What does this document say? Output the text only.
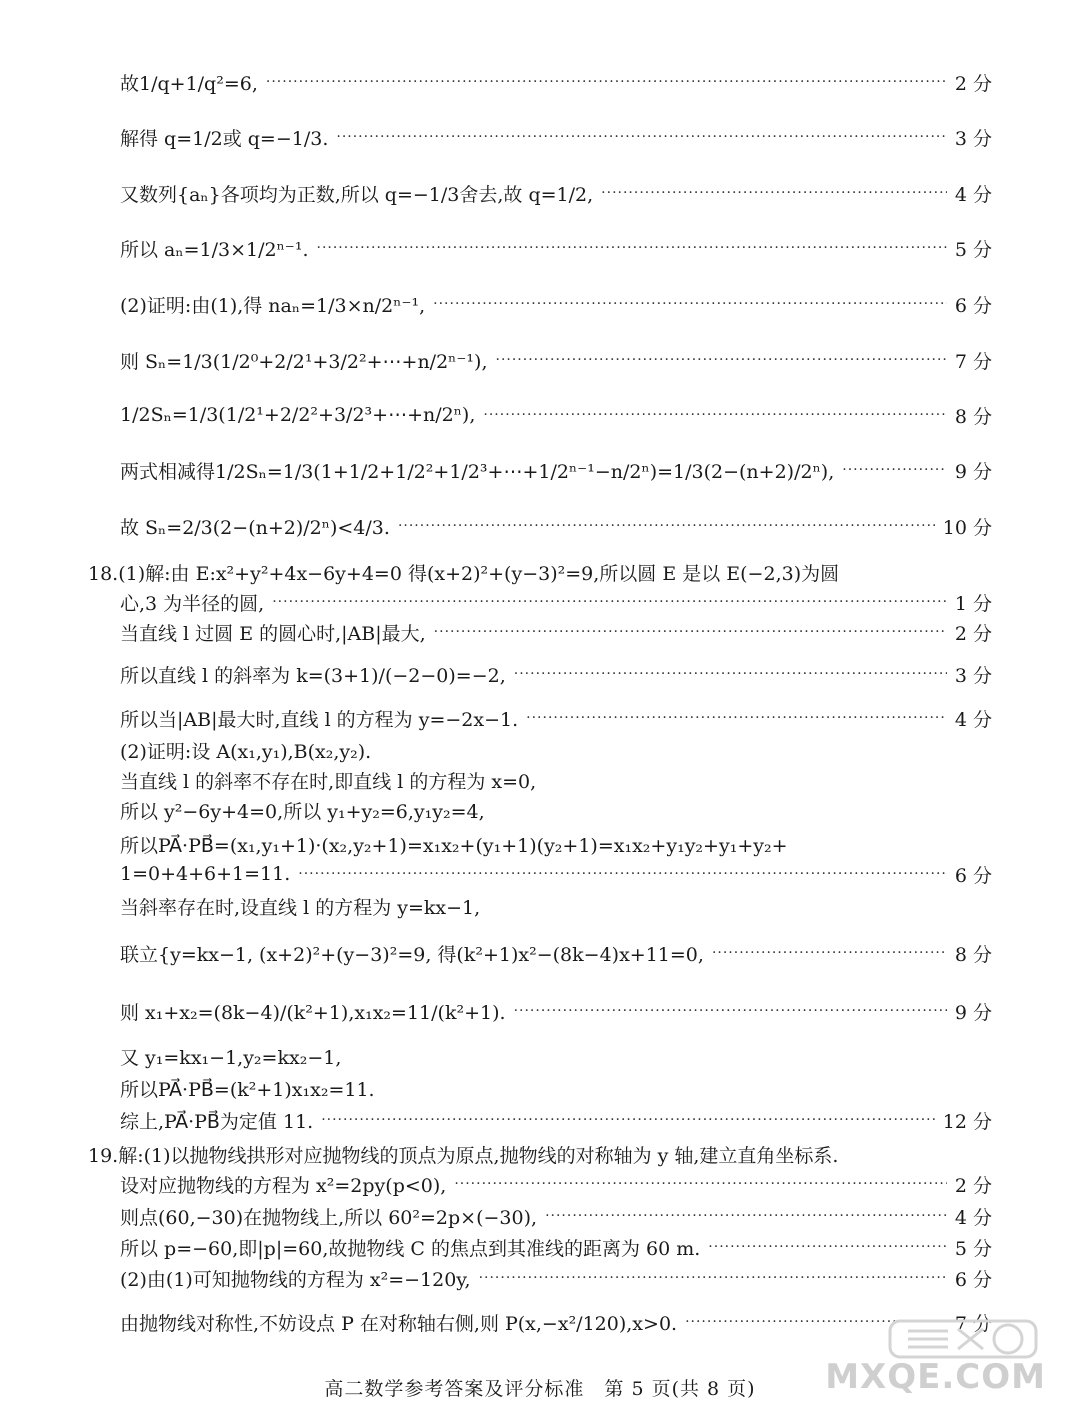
故1/q+1/q²=6, ·····	2 分
解得 q=1/2或 q=−1/3. ·····	3 分
又数列{aₙ}各项均为正数,所以 q=−1/3舍去,故 q=1/2, ·····	4 分
所以 aₙ=1/3×1/2ⁿ⁻¹. ·····	5 分
(2)证明:由(1),得 naₙ=1/3×n/2ⁿ⁻¹, ·····	6 分
则 Sₙ=1/3(1/2⁰+2/2¹+3/2²+⋯+n/2ⁿ⁻¹), ·····	7 分
1/2Sₙ=1/3(1/2¹+2/2²+3/2³+⋯+n/2ⁿ), ·····	8 分
两式相减得1/2Sₙ=1/3(1+1/2+1/2²+1/2³+⋯+1/2ⁿ⁻¹−n/2ⁿ)=1/3(2−(n+2)/2ⁿ), ·····	9 分
故 Sₙ=2/3(2−(n+2)/2ⁿ)<4/3. ·····	10 分
18.(1)解:由 E:x²+y²+4x−6y+4=0 得(x+2)²+(y−3)²=9,所以圆 E 是以 E(−2,3)为圆
心,3 为半径的圆, ·····	1 分
当直线 l 过圆 E 的圆心时,|AB|最大, ·····	2 分
所以直线 l 的斜率为 k=(3+1)/(−2−0)=−2, ·····	3 分
所以当|AB|最大时,直线 l 的方程为 y=−2x−1. ·····	4 分
(2)证明:设 A(x₁,y₁),B(x₂,y₂).
当直线 l 的斜率不存在时,即直线 l 的方程为 x=0,
所以 y²−6y+4=0,所以 y₁+y₂=6,y₁y₂=4,
所以PA⃗·PB⃗=(x₁,y₁+1)·(x₂,y₂+1)=x₁x₂+(y₁+1)(y₂+1)=x₁x₂+y₁y₂+y₁+y₂+
1=0+4+6+1=11. ·····	6 分
当斜率存在时,设直线 l 的方程为 y=kx−1,
联立{y=kx−1, (x+2)²+(y−3)²=9, 得(k²+1)x²−(8k−4)x+11=0, ·····	8 分
则 x₁+x₂=(8k−4)/(k²+1),x₁x₂=11/(k²+1). ·····	9 分
又 y₁=kx₁−1,y₂=kx₂−1,
所以PA⃗·PB⃗=(k²+1)x₁x₂=11.
综上,PA⃗·PB⃗为定值 11. ·····	12 分
19.解:(1)以抛物线拱形对应抛物线的顶点为原点,抛物线的对称轴为 y 轴,建立直角坐标系.
设对应抛物线的方程为 x²=2py(p<0), ·····	2 分
则点(60,−30)在抛物线上,所以 60²=2p×(−30), ·····	4 分
所以 p=−60,即|p|=60,故抛物线 C 的焦点到其准线的距离为 60 m. ·····	5 分
(2)由(1)可知抛物线的方程为 x²=−120y, ·····	6 分
由抛物线对称性,不妨设点 P 在对称轴右侧,则 P(x,−x²/120),x>0. ·····	7 分
高二数学参考答案及评分标准　第 5 页(共 8 页)	MXQE.COM
